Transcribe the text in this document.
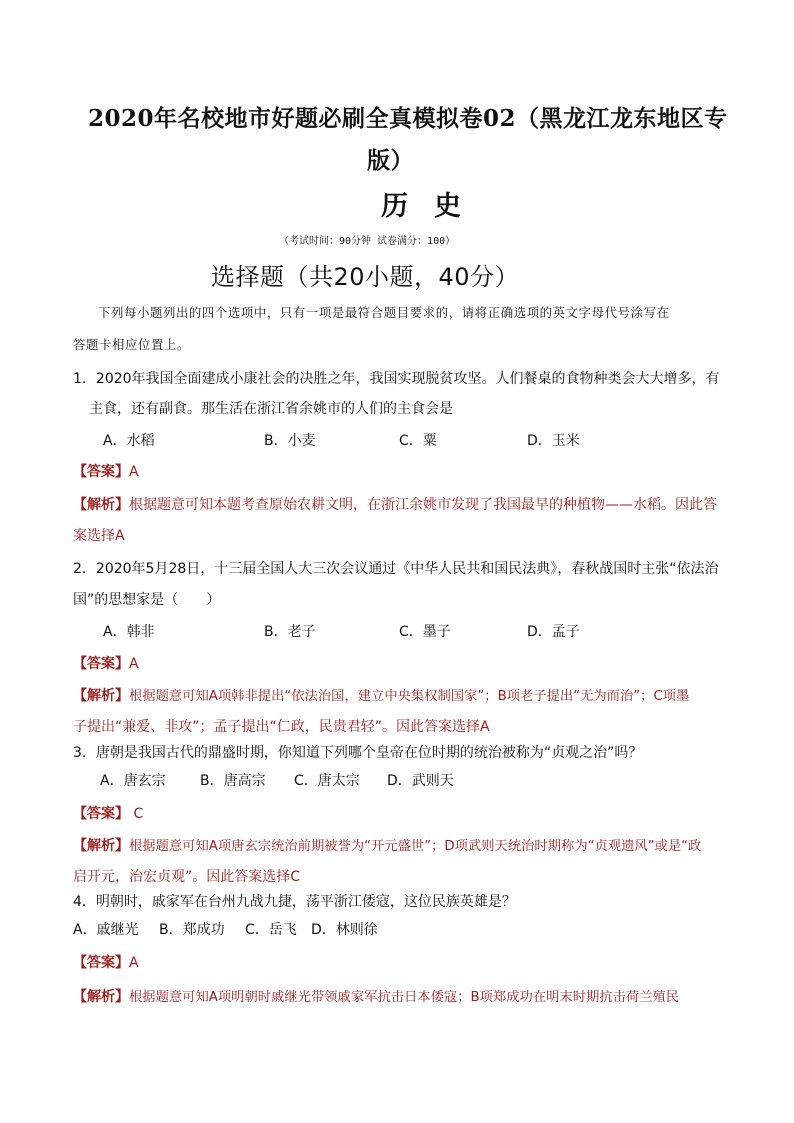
2020年名校地市好题必刷全真模拟卷02（黑龙江龙东地区专
版）
历史
（考试时间：90分钟 试卷满分：100）
选择题（共20小题，40分）
下列每小题列出的四个选项中，只有一项是最符合题目要求的，请将正确选项的英文字母代号涂写在
答题卡相应位置上。
1．2020年我国全面建成小康社会的决胜之年，我国实现脱贫攻坚。人们餐桌的食物种类会大大增多，有
主食，还有副食。那生活在浙江省余姚市的人们的主食会是
A．水稻	B．小麦	C．粟	D．玉米
【答案】A
【解析】根据题意可知本题考查原始农耕文明，在浙江余姚市发现了我国最早的种植物——水稻。因此答
案选择A
2．2020年5月28日，十三届全国人大三次会议通过《中华人民共和国民法典》，春秋战国时主张“依法治
国”的思想家是（　　）
A．韩非	B．老子	C．墨子	D．孟子
【答案】A
【解析】根据题意可知A项韩非提出“依法治国，建立中央集权制国家”；B项老子提出“无为而治”；C项墨
子提出“兼爱、非攻”；孟子提出“仁政，民贵君轻”。因此答案选择A
3．唐朝是我国古代的鼎盛时期，你知道下列哪个皇帝在位时期的统治被称为“贞观之治”吗？
A．唐玄宗 B．唐高宗 C．唐太宗 D．武则天
【答案】 C
【解析】根据题意可知A项唐玄宗统治前期被誉为“开元盛世”；D项武则天统治时期称为“贞观遗风”或是“政
启开元，治宏贞观”。因此答案选择C
4．明朝时，戚家军在台州九战九捷，荡平浙江倭寇，这位民族英雄是？
A．戚继光 B．郑成功 C．岳飞 D．林则徐
【答案】A
【解析】根据题意可知A项明朝时戚继光带领戚家军抗击日本倭寇；B项郑成功在明末时期抗击荷兰殖民
